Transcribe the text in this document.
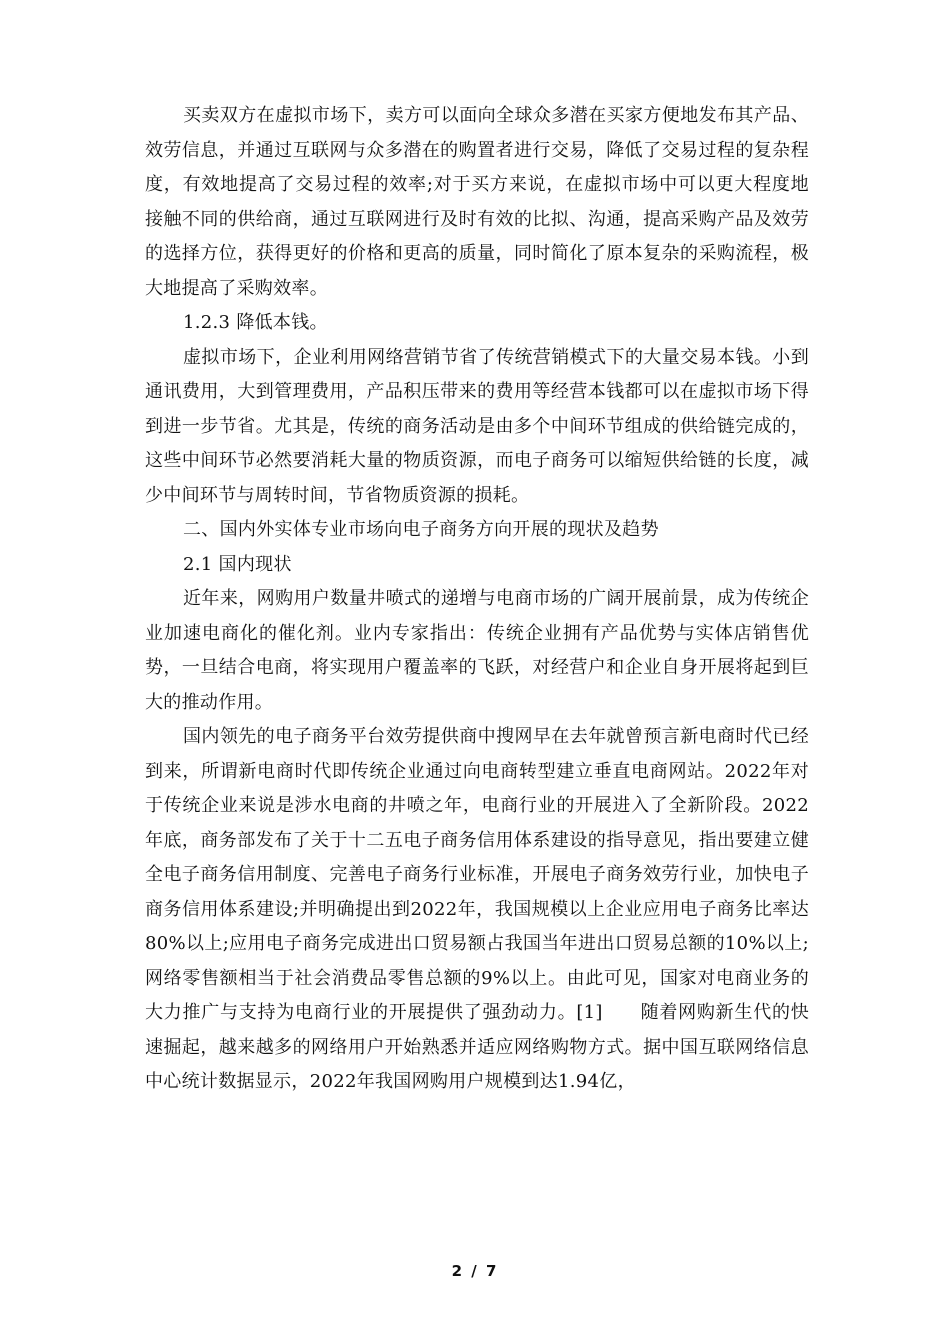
买卖双方在虚拟市场下，卖方可以面向全球众多潜在买家方便地发布其产品、效劳信息，并通过互联网与众多潜在的购置者进行交易，降低了交易过程的复杂程度，有效地提高了交易过程的效率;对于买方来说，在虚拟市场中可以更大程度地接触不同的供给商，通过互联网进行及时有效的比拟、沟通，提高采购产品及效劳的选择方位，获得更好的价格和更高的质量，同时简化了原本复杂的采购流程，极大地提高了采购效率。

1.2.3 降低本钱。

虚拟市场下，企业利用网络营销节省了传统营销模式下的大量交易本钱。小到通讯费用，大到管理费用，产品积压带来的费用等经营本钱都可以在虚拟市场下得到进一步节省。尤其是，传统的商务活动是由多个中间环节组成的供给链完成的，这些中间环节必然要消耗大量的物质资源，而电子商务可以缩短供给链的长度，减少中间环节与周转时间，节省物质资源的损耗。

二、国内外实体专业市场向电子商务方向开展的现状及趋势

2.1 国内现状

近年来，网购用户数量井喷式的递增与电商市场的广阔开展前景，成为传统企业加速电商化的催化剂。业内专家指出：传统企业拥有产品优势与实体店销售优势，一旦结合电商，将实现用户覆盖率的飞跃，对经营户和企业自身开展将起到巨大的推动作用。

国内领先的电子商务平台效劳提供商中搜网早在去年就曾预言新电商时代已经到来，所谓新电商时代即传统企业通过向电商转型建立垂直电商网站。2022年对于传统企业来说是涉水电商的井喷之年，电商行业的开展进入了全新阶段。2022年底，商务部发布了关于十二五电子商务信用体系建设的指导意见，指出要建立健全电子商务信用制度、完善电子商务行业标准，开展电子商务效劳行业，加快电子商务信用体系建设;并明确提出到2022年，我国规模以上企业应用电子商务比率达80%以上;应用电子商务完成进出口贸易额占我国当年进出口贸易总额的10%以上;网络零售额相当于社会消费品零售总额的9%以上。由此可见，国家对电商业务的大力推广与支持为电商行业的开展提供了强劲动力。[1]　　随着网购新生代的快速掘起，越来越多的网络用户开始熟悉并适应网络购物方式。据中国互联网络信息中心统计数据显示，2022年我国网购用户规模到达1.94亿，

2 / 7
